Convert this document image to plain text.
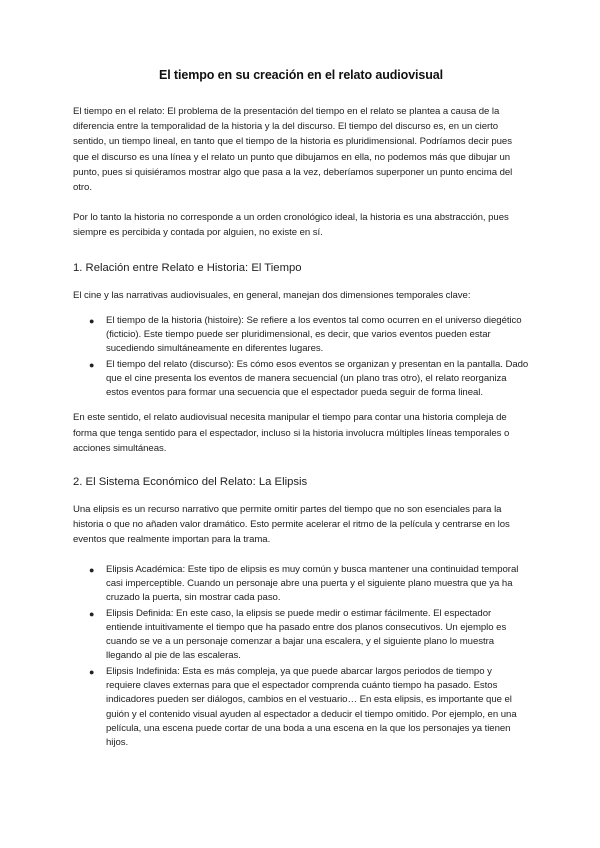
El tiempo en su creación en el relato audiovisual

El tiempo en el relato: El problema de la presentación del tiempo en el relato se plantea a causa de la diferencia entre la temporalidad de la historia y la del discurso. El tiempo del discurso es, en un cierto sentido, un tiempo lineal, en tanto que el tiempo de la historia es pluridimensional. Podríamos decir pues que el discurso es una línea y el relato un punto que dibujamos en ella, no podemos más que dibujar un punto, pues si quisiéramos mostrar algo que pasa a la vez, deberíamos superponer un punto encima del otro.

Por lo tanto la historia no corresponde a un orden cronológico ideal, la historia es una abstracción, pues siempre es percibida y contada por alguien, no existe en sí.

1. Relación entre Relato e Historia: El Tiempo

El cine y las narrativas audiovisuales, en general, manejan dos dimensiones temporales clave:

● El tiempo de la historia (histoire): Se refiere a los eventos tal como ocurren en el universo diegético (ficticio). Este tiempo puede ser pluridimensional, es decir, que varios eventos pueden estar sucediendo simultáneamente en diferentes lugares.
● El tiempo del relato (discurso): Es cómo esos eventos se organizan y presentan en la pantalla. Dado que el cine presenta los eventos de manera secuencial (un plano tras otro), el relato reorganiza estos eventos para formar una secuencia que el espectador pueda seguir de forma lineal.

En este sentido, el relato audiovisual necesita manipular el tiempo para contar una historia compleja de forma que tenga sentido para el espectador, incluso si la historia involucra múltiples líneas temporales o acciones simultáneas.

2. El Sistema Económico del Relato: La Elipsis

Una elipsis es un recurso narrativo que permite omitir partes del tiempo que no son esenciales para la historia o que no añaden valor dramático. Esto permite acelerar el ritmo de la película y centrarse en los eventos que realmente importan para la trama.

● Elipsis Académica: Este tipo de elipsis es muy común y busca mantener una continuidad temporal casi imperceptible. Cuando un personaje abre una puerta y el siguiente plano muestra que ya ha cruzado la puerta, sin mostrar cada paso.
● Elipsis Definida: En este caso, la elipsis se puede medir o estimar fácilmente. El espectador entiende intuitivamente el tiempo que ha pasado entre dos planos consecutivos. Un ejemplo es cuando se ve a un personaje comenzar a bajar una escalera, y el siguiente plano lo muestra llegando al pie de las escaleras.
● Elipsis Indefinida: Esta es más compleja, ya que puede abarcar largos periodos de tiempo y requiere claves externas para que el espectador comprenda cuánto tiempo ha pasado. Estos indicadores pueden ser diálogos, cambios en el vestuario… En esta elipsis, es importante que el guión y el contenido visual ayuden al espectador a deducir el tiempo omitido. Por ejemplo, en una película, una escena puede cortar de una boda a una escena en la que los personajes ya tienen hijos.
